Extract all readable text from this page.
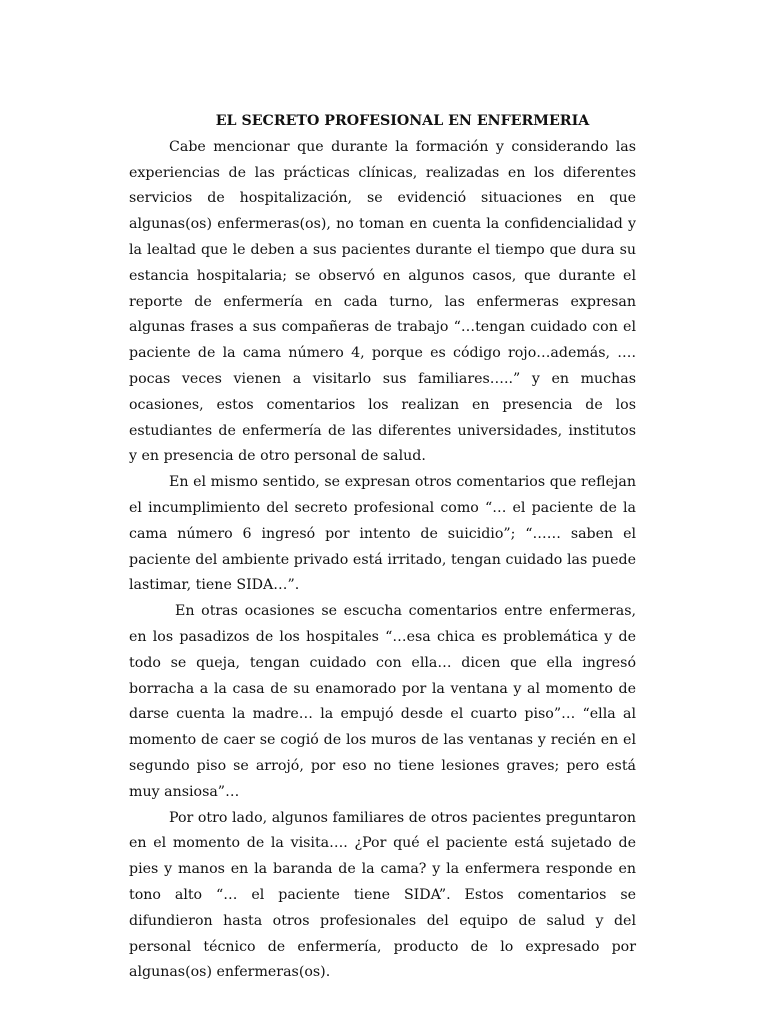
EL SECRETO PROFESIONAL EN ENFERMERIA

Cabe mencionar que durante la formación y considerando las experiencias de las prácticas clínicas, realizadas en los diferentes servicios de hospitalización, se evidenció situaciones en que algunas(os) enfermeras(os), no toman en cuenta la confidencialidad y la lealtad que le deben a sus pacientes durante el tiempo que dura su estancia hospitalaria; se observó en algunos casos, que durante el reporte de enfermería en cada turno, las enfermeras expresan algunas frases a sus compañeras de trabajo “…tengan cuidado con el paciente de la cama número 4, porque es código rojo…además, …. pocas veces vienen a visitarlo sus familiares…..” y en muchas ocasiones, estos comentarios los realizan en presencia de los estudiantes de enfermería de las diferentes universidades, institutos y en presencia de otro personal de salud.

En el mismo sentido, se expresan otros comentarios que reflejan el incumplimiento del secreto profesional como “… el paciente de la cama número 6 ingresó por intento de suicidio”; “…… saben el paciente del ambiente privado está irritado, tengan cuidado las puede lastimar, tiene SIDA…”.

En otras ocasiones se escucha comentarios entre enfermeras, en los pasadizos de los hospitales “…esa chica es problemática y de todo se queja, tengan cuidado con ella… dicen que ella ingresó borracha a la casa de su enamorado por la ventana y al momento de darse cuenta la madre… la empujó desde el cuarto piso”… “ella al momento de caer se cogió de los muros de las ventanas y recién en el segundo piso se arrojó, por eso no tiene lesiones graves; pero está muy ansiosa”…

Por otro lado, algunos familiares de otros pacientes preguntaron en el momento de la visita…. ¿Por qué el paciente está sujetado de pies y manos en la baranda de la cama? y la enfermera responde en tono alto “… el paciente tiene SIDA”. Estos comentarios se difundieron hasta otros profesionales del equipo de salud y del personal técnico de enfermería, producto de lo expresado por algunas(os) enfermeras(os).
